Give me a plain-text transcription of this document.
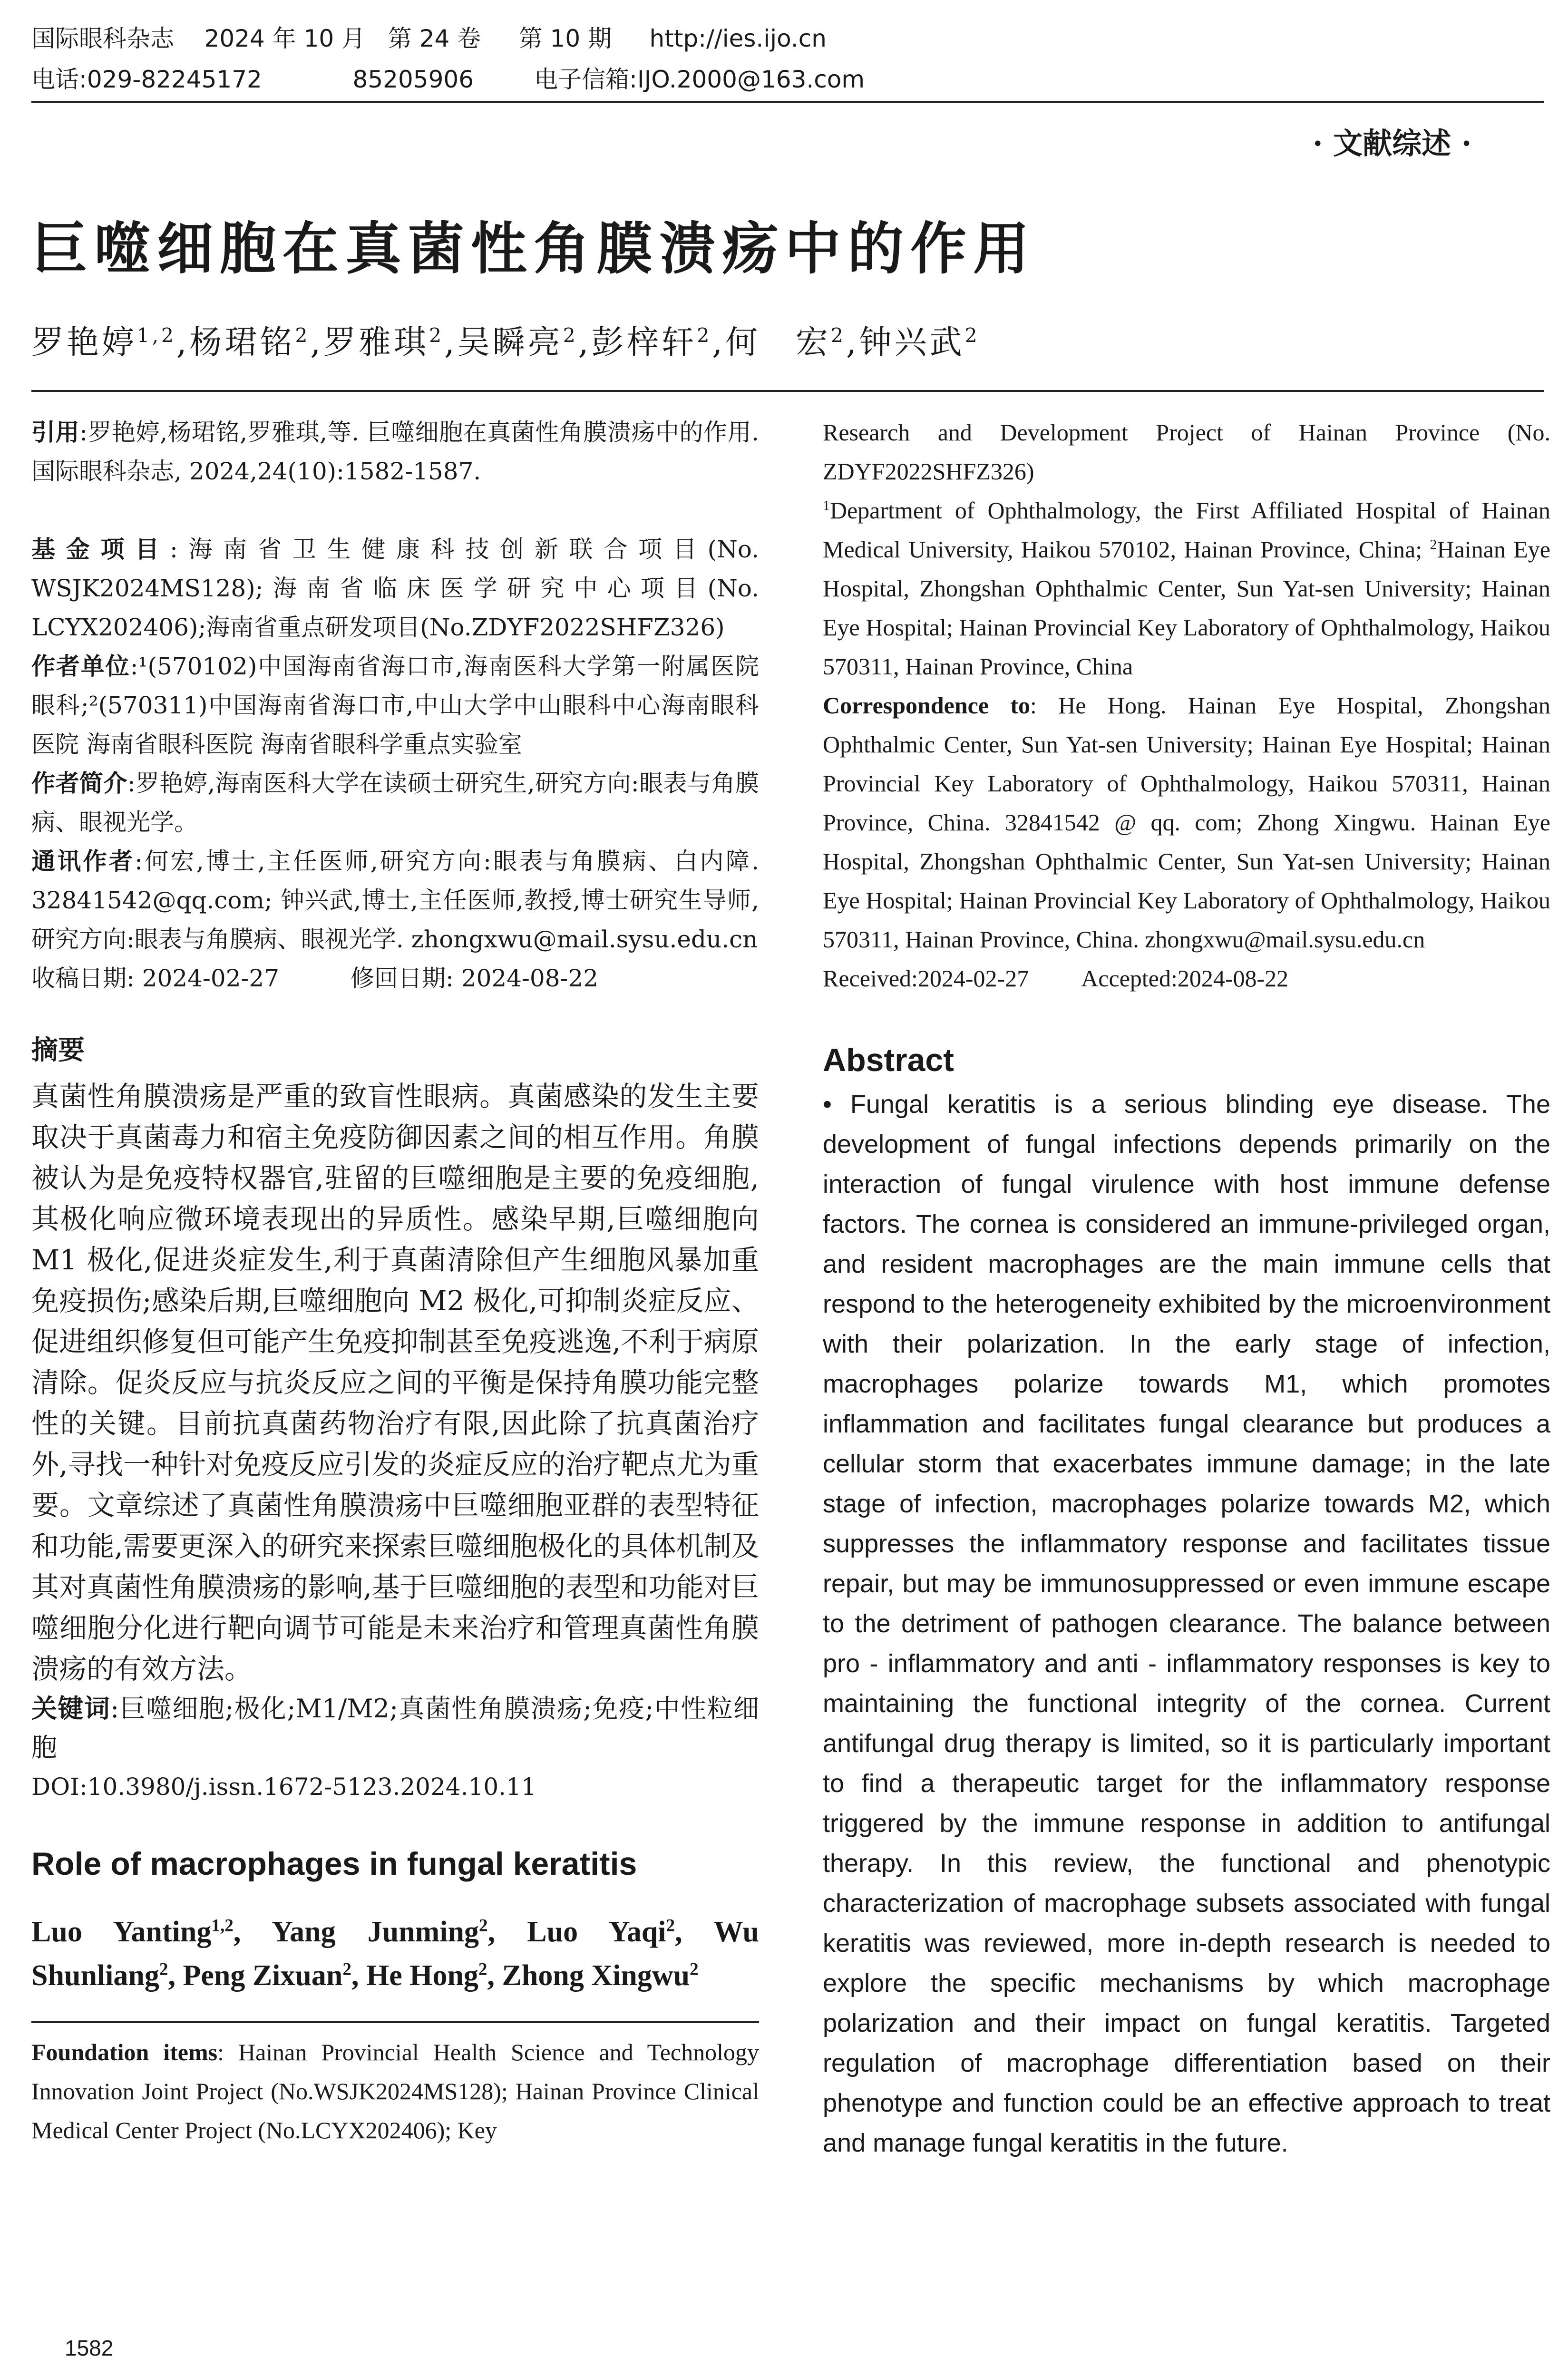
国际眼科杂志    2024 年 10 月   第 24 卷     第 10 期     http://ies.ijo.cn
电话:029-82245172            85205906        电子信箱:IJO.2000@163.com
· 文献综述 ·
巨噬细胞在真菌性角膜溃疡中的作用
罗艳婷$^{1,2}$,杨珺铭$^2$,罗雅琪$^2$,吴瞬亮$^2$,彭梓轩$^2$,何　宏$^2$,钟兴武$^2$

引用:罗艳婷,杨珺铭,罗雅琪,等. 巨噬细胞在真菌性角膜溃疡中的作用. 国际眼科杂志, 2024,24(10):1582-1587.

基金项目:海南省卫生健康科技创新联合项目(No. WSJK2024MS128);海南省临床医学研究中心项目(No. LCYX202406);海南省重点研发项目(No.ZDYF2022SHFZ326)

作者单位:¹(570102)中国海南省海口市,海南医科大学第一附属医院眼科;²(570311)中国海南省海口市,中山大学中山眼科中心海南眼科医院 海南省眼科医院 海南省眼科学重点实验室

作者简介:罗艳婷,海南医科大学在读硕士研究生,研究方向:眼表与角膜病、眼视光学。

通讯作者:何宏,博士,主任医师,研究方向:眼表与角膜病、白内障. 32841542@qq.com; 钟兴武,博士,主任医师,教授,博士研究生导师,研究方向:眼表与角膜病、眼视光学. zhongxwu@mail.sysu.edu.cn

收稿日期: 2024-02-27	修回日期: 2024-08-22

摘要

真菌性角膜溃疡是严重的致盲性眼病。真菌感染的发生主要取决于真菌毒力和宿主免疫防御因素之间的相互作用。角膜被认为是免疫特权器官,驻留的巨噬细胞是主要的免疫细胞,其极化响应微环境表现出的异质性。感染早期,巨噬细胞向 M1 极化,促进炎症发生,利于真菌清除但产生细胞风暴加重免疫损伤;感染后期,巨噬细胞向 M2 极化,可抑制炎症反应、促进组织修复但可能产生免疫抑制甚至免疫逃逸,不利于病原清除。促炎反应与抗炎反应之间的平衡是保持角膜功能完整性的关键。目前抗真菌药物治疗有限,因此除了抗真菌治疗外,寻找一种针对免疫反应引发的炎症反应的治疗靶点尤为重要。文章综述了真菌性角膜溃疡中巨噬细胞亚群的表型特征和功能,需要更深入的研究来探索巨噬细胞极化的具体机制及其对真菌性角膜溃疡的影响,基于巨噬细胞的表型和功能对巨噬细胞分化进行靶向调节可能是未来治疗和管理真菌性角膜溃疡的有效方法。

关键词:巨噬细胞;极化;M1/M2;真菌性角膜溃疡;免疫;中性粒细胞

DOI:10.3980/j.issn.1672-5123.2024.10.11

Role of macrophages in fungal keratitis

Luo Yanting$^{1,2}$, Yang Junming$^2$, Luo Yaqi$^2$, Wu Shunliang$^2$, Peng Zixuan$^2$, He Hong$^2$, Zhong Xingwu$^2$

Foundation items: Hainan Provincial Health Science and Technology Innovation Joint Project (No.WSJK2024MS128); Hainan Province Clinical Medical Center Project (No.LCYX202406); Key

Research and Development Project of Hainan Province (No. ZDYF2022SHFZ326)

$^1$Department of Ophthalmology, the First Affiliated Hospital of Hainan Medical University, Haikou 570102, Hainan Province, China; $^2$Hainan Eye Hospital, Zhongshan Ophthalmic Center, Sun Yat-sen University; Hainan Eye Hospital; Hainan Provincial Key Laboratory of Ophthalmology, Haikou 570311, Hainan Province, China

Correspondence to: He Hong. Hainan Eye Hospital, Zhongshan Ophthalmic Center, Sun Yat-sen University; Hainan Eye Hospital; Hainan Provincial Key Laboratory of Ophthalmology, Haikou 570311, Hainan Province, China. 32841542 @ qq. com; Zhong Xingwu. Hainan Eye Hospital, Zhongshan Ophthalmic Center, Sun Yat-sen University; Hainan Eye Hospital; Hainan Provincial Key Laboratory of Ophthalmology, Haikou 570311, Hainan Province, China. zhongxwu@mail.sysu.edu.cn

Received:2024-02-27 Accepted:2024-08-22

Abstract

• Fungal keratitis is a serious blinding eye disease. The development of fungal infections depends primarily on the interaction of fungal virulence with host immune defense factors. The cornea is considered an immune-privileged organ, and resident macrophages are the main immune cells that respond to the heterogeneity exhibited by the microenvironment with their polarization. In the early stage of infection, macrophages polarize towards M1, which promotes inflammation and facilitates fungal clearance but produces a cellular storm that exacerbates immune damage; in the late stage of infection, macrophages polarize towards M2, which suppresses the inflammatory response and facilitates tissue repair, but may be immunosuppressed or even immune escape to the detriment of pathogen clearance. The balance between pro - inflammatory and anti - inflammatory responses is key to maintaining the functional integrity of the cornea. Current antifungal drug therapy is limited, so it is particularly important to find a therapeutic target for the inflammatory response triggered by the immune response in addition to antifungal therapy. In this review, the functional and phenotypic characterization of macrophage subsets associated with fungal keratitis was reviewed, more in-depth research is needed to explore the specific mechanisms by which macrophage polarization and their impact on fungal keratitis. Targeted regulation of macrophage differentiation based on their phenotype and function could be an effective approach to treat and manage fungal keratitis in the future.

1582
